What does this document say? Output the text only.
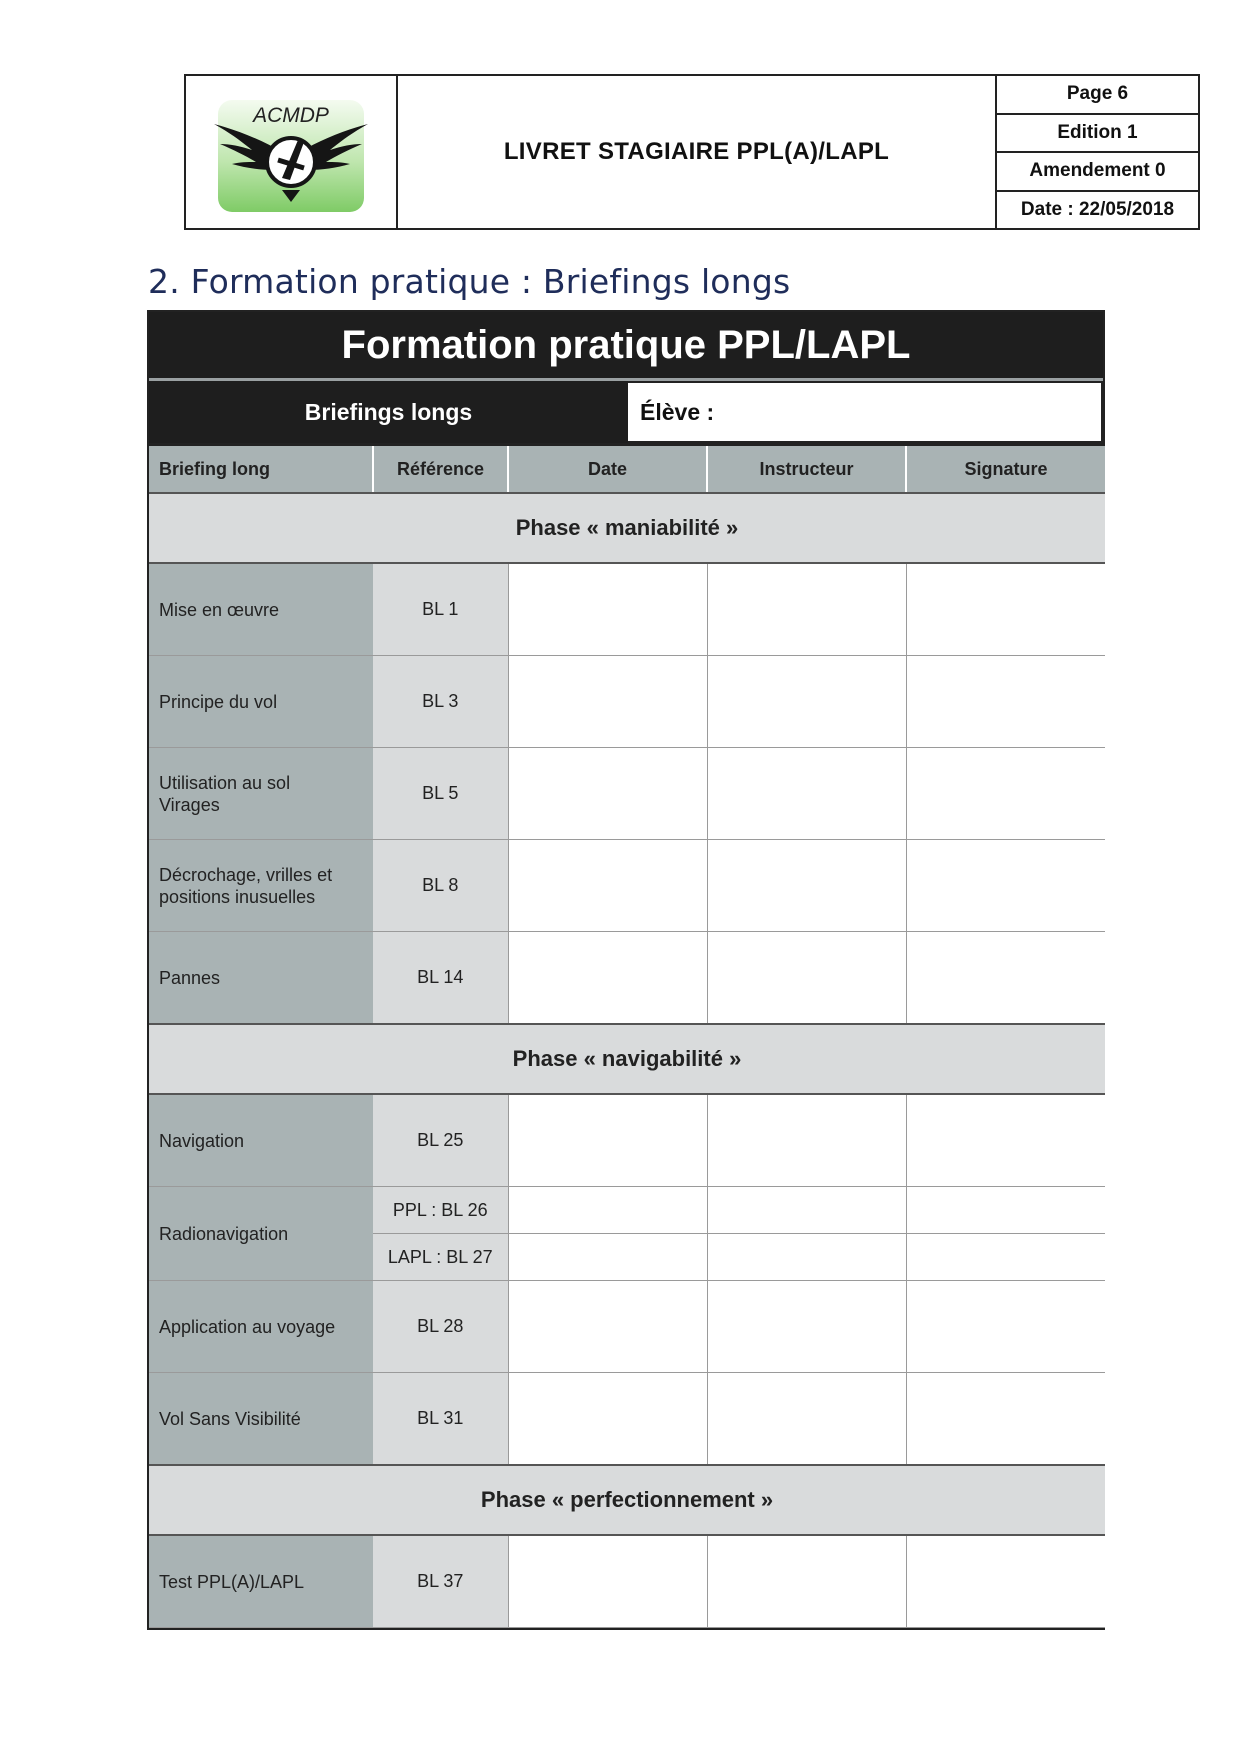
ACMDP
LIVRET STAGIAIRE PPL(A)/LAPL
Page 6
Edition 1
Amendement 0
Date : 22/05/2018
2. Formation pratique : Briefings longs
Formation pratique PPL/LAPL
Briefings longs	Élève :
Briefing long	Référence	Date	Instructeur	Signature
Phase « maniabilité »				
Mise en œuvre	BL 1			
Principe du vol	BL 3			
Utilisation au sol
Virages	BL 5			
Décrochage, vrilles et
positions inusuelles	BL 8			
Pannes	BL 14			
Phase « navigabilité »				
Navigation	BL 25			
Radionavigation	PPL : BL 26			
	LAPL : BL 27			
Application au voyage	BL 28			
Vol Sans Visibilité	BL 31			
Phase « perfectionnement »				
Test PPL(A)/LAPL	BL 37			
